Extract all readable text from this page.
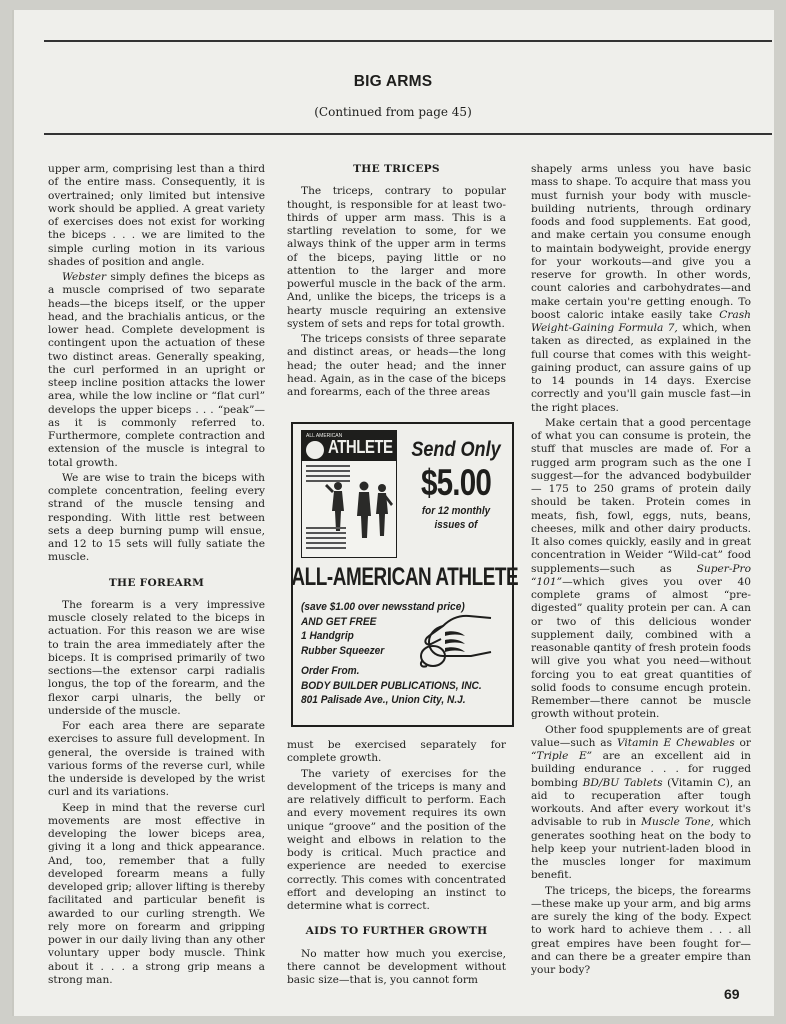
BIG ARMS
(Continued from page 45)

upper arm, comprising lest than a third of the entire mass. Consequently, it is overtrained; only limited but intensive work should be applied. A great variety of exercises does not exist for working the biceps . . . we are limited to the simple curling motion in its various shades of position and angle.

Webster simply defines the biceps as a muscle comprised of two separate heads—the biceps itself, or the upper head, and the brachialis anticus, or the lower head. Complete development is contingent upon the actuation of these two distinct areas. Generally speaking, the curl performed in an upright or steep incline position attacks the lower area, while the low incline or “flat curl” develops the upper biceps . . . “peak”—as it is commonly referred to. Furthermore, complete contraction and extension of the muscle is integral to total growth.

We are wise to train the biceps with complete concentration, feeling every strand of the muscle tensing and responding. With little rest between sets a deep burning pump will ensue, and 12 to 15 sets will fully satiate the muscle.

THE FOREARM

The forearm is a very impressive muscle closely related to the biceps in actuation. For this reason we are wise to train the area immediately after the biceps. It is comprised primarily of two sections—the extensor carpi radialis longus, the top of the forearm, and the flexor carpi ulnaris, the belly or underside of the muscle.

For each area there are separate exercises to assure full development. In general, the overside is trained with various forms of the reverse curl, while the underside is developed by the wrist curl and its variations.

Keep in mind that the reverse curl movements are most effective in developing the lower biceps area, giving it a long and thick appearance. And, too, remember that a fully developed forearm means a fully developed grip; allover lifting is thereby facilitated and particular benefit is awarded to our curling strength. We rely more on forearm and gripping power in our daily living than any other voluntary upper body muscle. Think about it . . . a strong grip means a strong man.

THE TRICEPS

The triceps, contrary to popular thought, is responsible for at least two-thirds of upper arm mass. This is a startling revelation to some, for we always think of the upper arm in terms of the biceps, paying little or no attention to the larger and more powerful muscle in the back of the arm. And, unlike the biceps, the triceps is a hearty muscle requiring an extensive system of sets and reps for total growth.

The triceps consists of three separate and distinct areas, or heads—the long head; the outer head; and the inner head. Again, as in the case of the biceps and forearms, each of the three areas

ALL AMERICAN
ATHLETE Send Only
$5.00
for 12 monthly
issues of
ALL-AMERICAN ATHLETE
(save $1.00 over newsstand price)
AND GET FREE
1 Handgrip
Rubber Squeezer
Order From.
BODY BUILDER PUBLICATIONS, INC.
801 Palisade Ave., Union City, N.J.

must be exercised separately for complete growth.

The variety of exercises for the development of the triceps is many and are relatively difficult to perform. Each and every movement requires its own unique “groove” and the position of the weight and elbows in relation to the body is critical. Much practice and experience are needed to exercise correctly. This comes with concentrated effort and developing an instinct to determine what is correct.

AIDS TO FURTHER GROWTH

No matter how much you exercise, there cannot be development without basic size—that is, you cannot form

shapely arms unless you have basic mass to shape. To acquire that mass you must furnish your body with muscle-building nutrients, through ordinary foods and food supplements. Eat good, and make certain you consume enough to maintain bodyweight, provide energy for your workouts—and give you a reserve for growth. In other words, count calories and carbohydrates—and make certain you're getting enough. To boost caloric intake easily take Crash Weight-Gaining Formula 7, which, when taken as directed, as explained in the full course that comes with this weight-gaining product, can assure gains of up to 14 pounds in 14 days. Exercise correctly and you'll gain muscle fast—in the right places.

Make certain that a good percentage of what you can consume is protein, the stuff that muscles are made of. For a rugged arm program such as the one I suggest—for the advanced bodybuilder — 175 to 250 grams of protein daily should be taken. Protein comes in meats, fish, fowl, eggs, nuts, beans, cheeses, milk and other dairy products. It also comes quickly, easily and in great concentration in Weider “Wild-cat” food supplements—such as Super-Pro “101”—which gives you over 40 complete grams of almost “pre-digested” quality protein per can. A can or two of this delicious wonder supplement daily, combined with a reasonable qantity of fresh protein foods will give you what you need—without forcing you to eat great quantities of solid foods to consume encugh protein. Remember—there cannot be muscle growth without protein.

Other food spupplements are of great value—such as Vitamin E Chewables or “Triple E” are an excellent aid in building endurance . . . for rugged bombing BD/BU Tablets (Vitamin C), an aid to recuperation after tough workouts. And after every workout it's advisable to rub in Muscle Tone, which generates soothing heat on the body to help keep your nutrient-laden blood in the muscles longer for maximum benefit.

The triceps, the biceps, the forearms—these make up your arm, and big arms are surely the king of the body. Expect to work hard to achieve them . . . all great empires have been fought for—and can there be a greater empire than your body?

69
